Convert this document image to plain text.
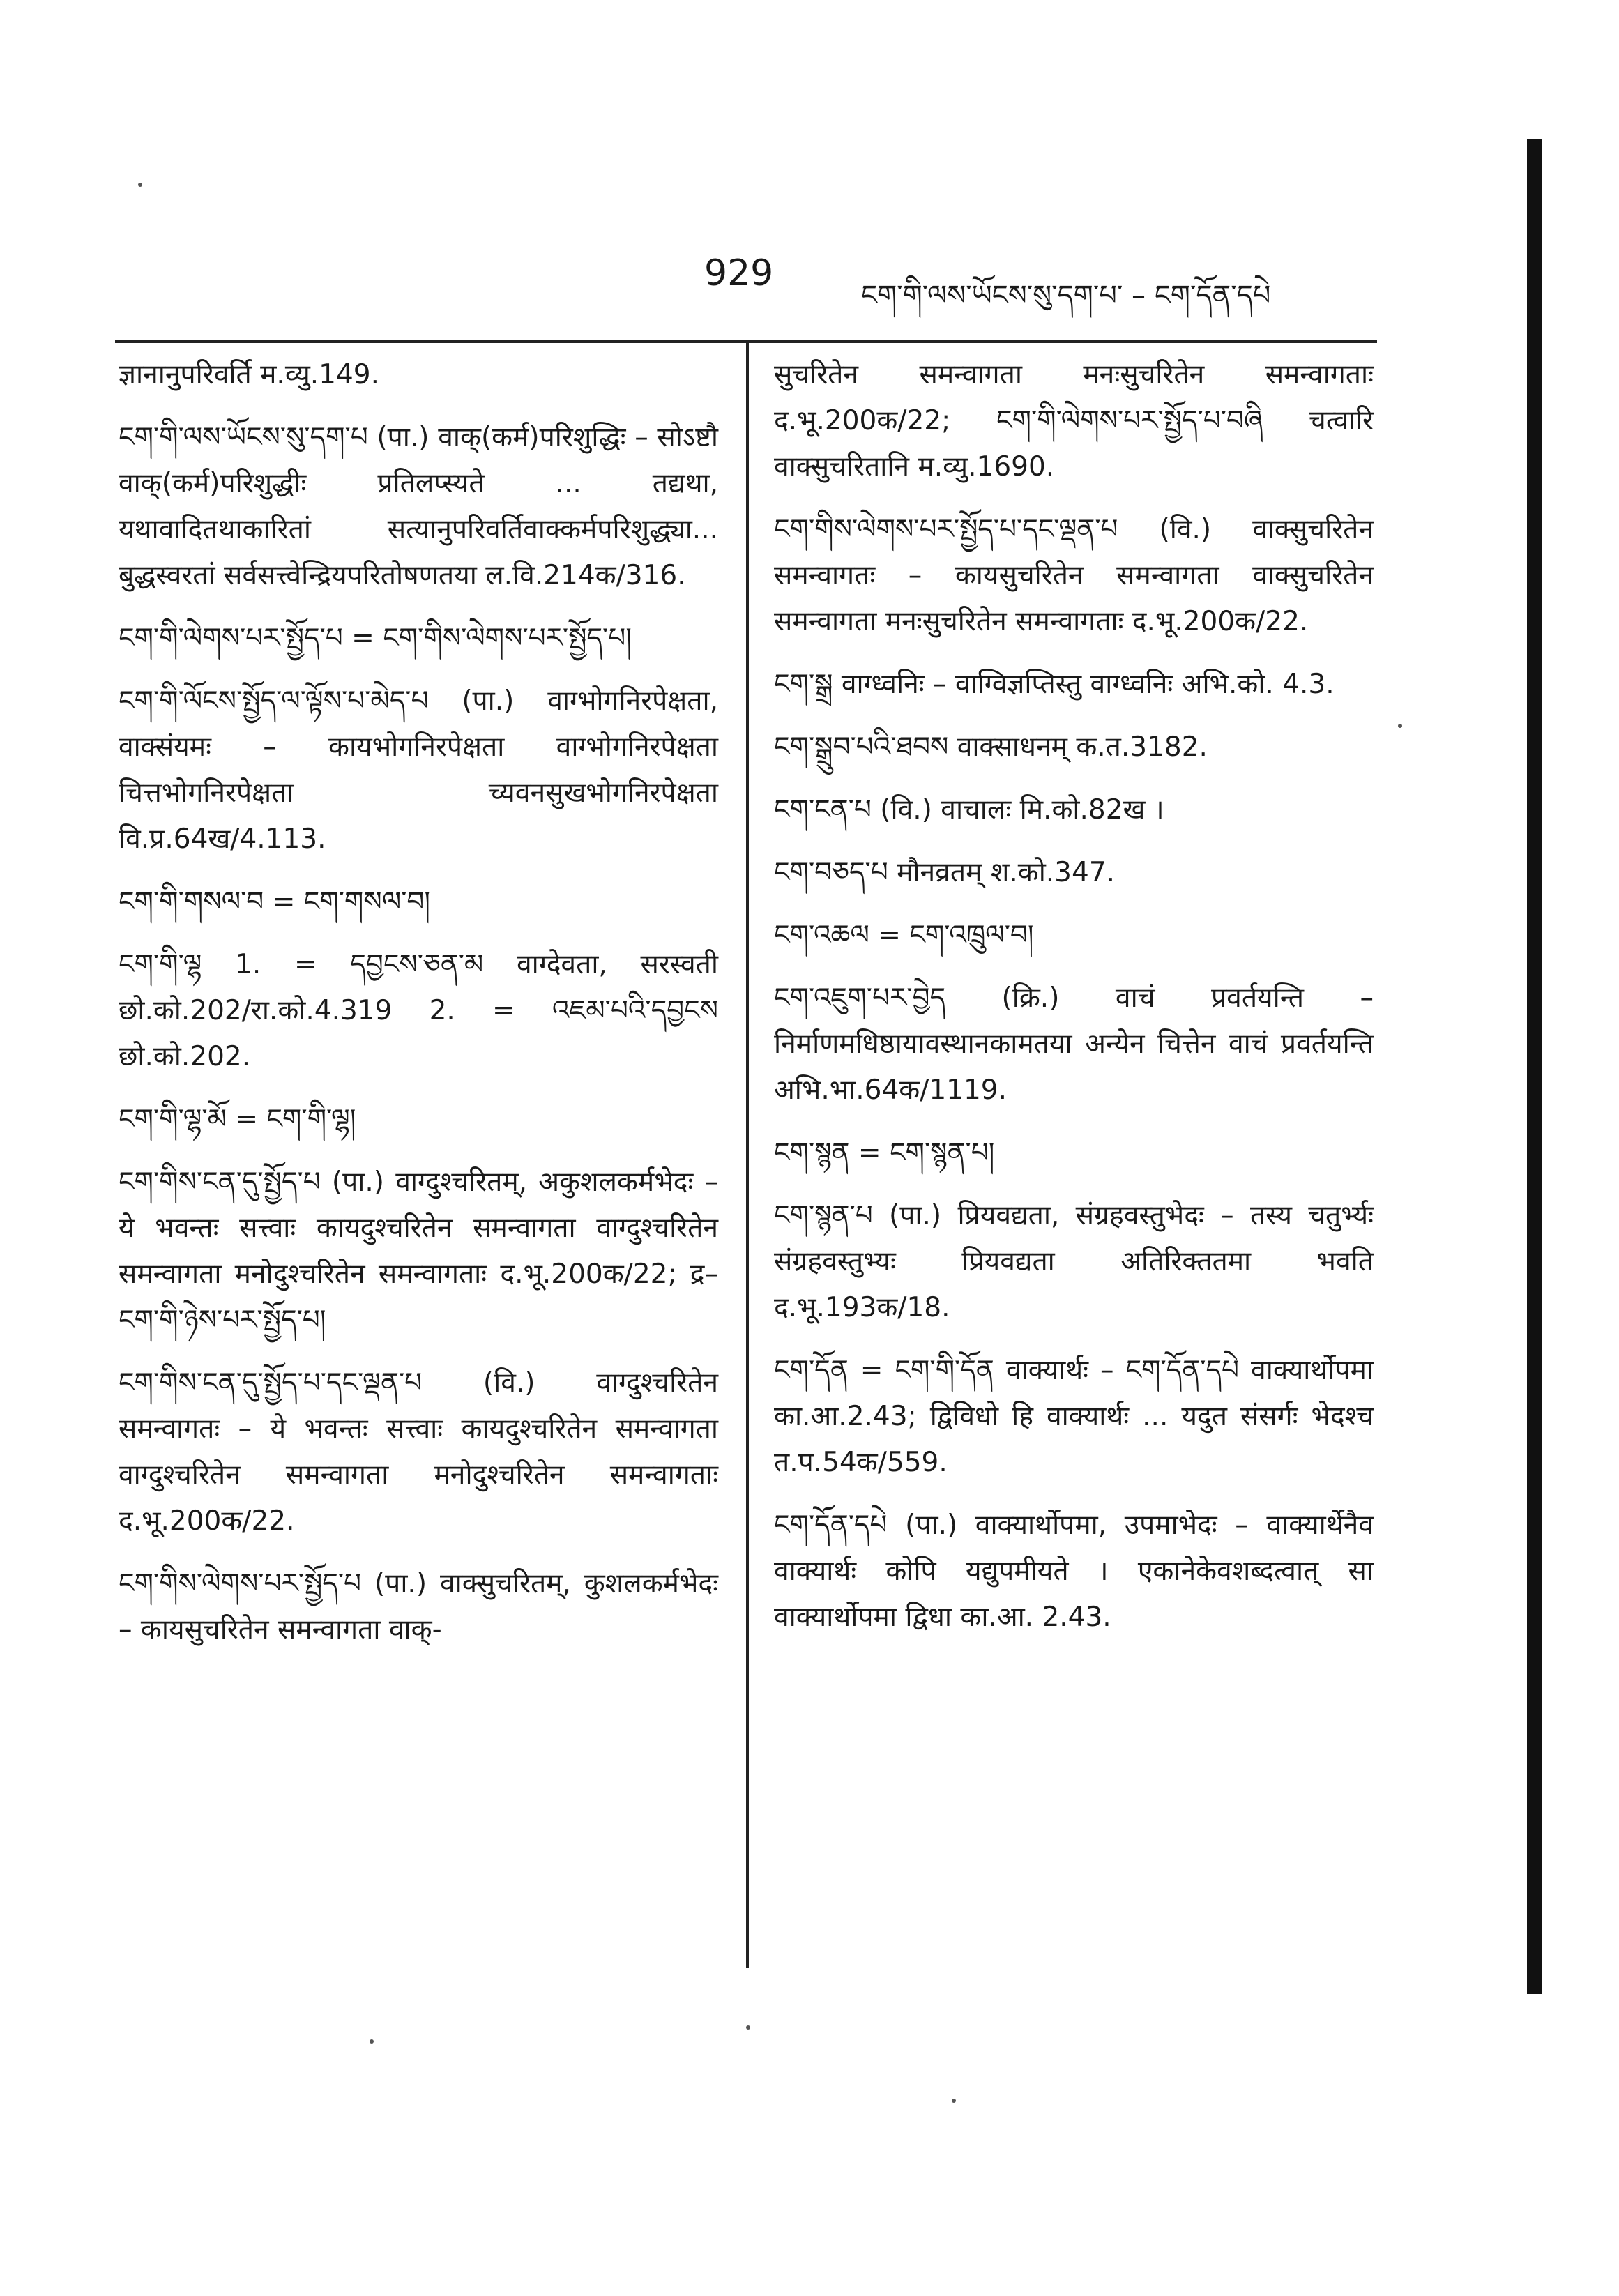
929
ངག་གི་ལས་ཡོངས་སུ་དག་པ་ – ངག་དོན་དཔེ

ज्ञानानुपरिवर्ति म.व्यु.149.

ངག་གི་ལས་ཡོངས་སུ་དག་པ (पा.) वाक्(कर्म)परिशुद्धिः – सोऽष्टौ वाक्(कर्म)परिशुद्धीः प्रतिलप्स्यते ... तद्यथा, यथावादितथाकारितां सत्यानुपरिवर्तिवाक्कर्मपरिशुद्ध्या... बुद्धस्वरतां सर्वसत्त्वेन्द्रियपरितोषणतया ल.वि.214क/316.

ངག་གི་ལེགས་པར་སྤྱོད་པ = ངག་གིས་ལེགས་པར་སྤྱོད་པ།

ངག་གི་ལོངས་སྤྱོད་ལ་ལྟོས་པ་མེད་པ (पा.) वाग्भोगनिरपेक्षता, वाक्संयमः – कायभोगनिरपेक्षता वाग्भोगनिरपेक्षता चित्तभोगनिरपेक्षता च्यवनसुखभोगनिरपेक्षता वि.प्र.64ख/4.113.

ངག་གི་གསལ་བ = ངག་གསལ་བ།

ངག་གི་ལྷ 1. = དབྱངས་ཅན་མ वाग्देवता, सरस्वती छो.को.202/रा.को.4.319 2. = འཇམ་པའི་དབྱངས छो.को.202.

ངག་གི་ལྷ་མོ = ངག་གི་ལྷ།

ངག་གིས་ངན་དུ་སྤྱོད་པ (पा.) वाग्दुश्चरितम्, अकुशलकर्मभेदः – ये भवन्तः सत्त्वाः कायदुश्चरितेन समन्वागता वाग्दुश्चरितेन समन्वागता मनोदुश्चरितेन समन्वागताः द.भू.200क/22; द्र– ངག་གི་ཉེས་པར་སྤྱོད་པ།

ངག་གིས་ངན་དུ་སྤྱོད་པ་དང་ལྡན་པ (वि.) वाग्दुश्चरितेन समन्वागतः – ये भवन्तः सत्त्वाः कायदुश्चरितेन समन्वागता वाग्दुश्चरितेन समन्वागता मनोदुश्चरितेन समन्वागताः द.भू.200क/22.

ངག་གིས་ལེགས་པར་སྤྱོད་པ (पा.) वाक्सुचरितम्, कुशलकर्मभेदः – कायसुचरितेन समन्वागता वाक्-

सुचरितेन समन्वागता मनःसुचरितेन समन्वागताः द.भू.200क/22; ངག་གི་ལེགས་པར་སྤྱོད་པ་བཞི चत्वारि वाक्सुचरितानि म.व्यु.1690.

ངག་གིས་ལེགས་པར་སྤྱོད་པ་དང་ལྡན་པ (वि.) वाक्सुचरितेन समन्वागतः – कायसुचरितेन समन्वागता वाक्सुचरितेन समन्वागता मनःसुचरितेन समन्वागताः द.भू.200क/22.

ངག་སྒྲ वाग्ध्वनिः – वाग्विज्ञप्तिस्तु वाग्ध्वनिः अभि.को. 4.3.

ངག་སྒྲུབ་པའི་ཐབས वाक्साधनम् क.त.3182.

ངག་ངན་པ (वि.) वाचालः मि.को.82ख ।

ངག་བཅད་པ मौनव्रतम् श.को.347.

ངག་འཆལ = ངག་འཁྲུལ་བ།

ངག་འཇུག་པར་བྱེད (क्रि.) वाचं प्रवर्तयन्ति – निर्माणमधिष्ठायावस्थानकामतया अन्येन चित्तेन वाचं प्रवर्तयन्ति अभि.भा.64क/1119.

ངག་སྙན = ངག་སྙན་པ།

ངག་སྙན་པ (पा.) प्रियवद्यता, संग्रहवस्तुभेदः – तस्य चतुर्भ्यः संग्रहवस्तुभ्यः प्रियवद्यता अतिरिक्ततमा भवति द.भू.193क/18.

ངག་དོན = ངག་གི་དོན वाक्यार्थः – ངག་དོན་དཔེ वाक्यार्थोपमा का.आ.2.43; द्विविधो हि वाक्यार्थः ... यदुत संसर्गः भेदश्च त.प.54क/559.

ངག་དོན་དཔེ (पा.) वाक्यार्थोपमा, उपमाभेदः – वाक्यार्थेनैव वाक्यार्थः कोपि यद्युपमीयते । एकानेकेवशब्दत्वात् सा वाक्यार्थोपमा द्विधा का.आ. 2.43.
